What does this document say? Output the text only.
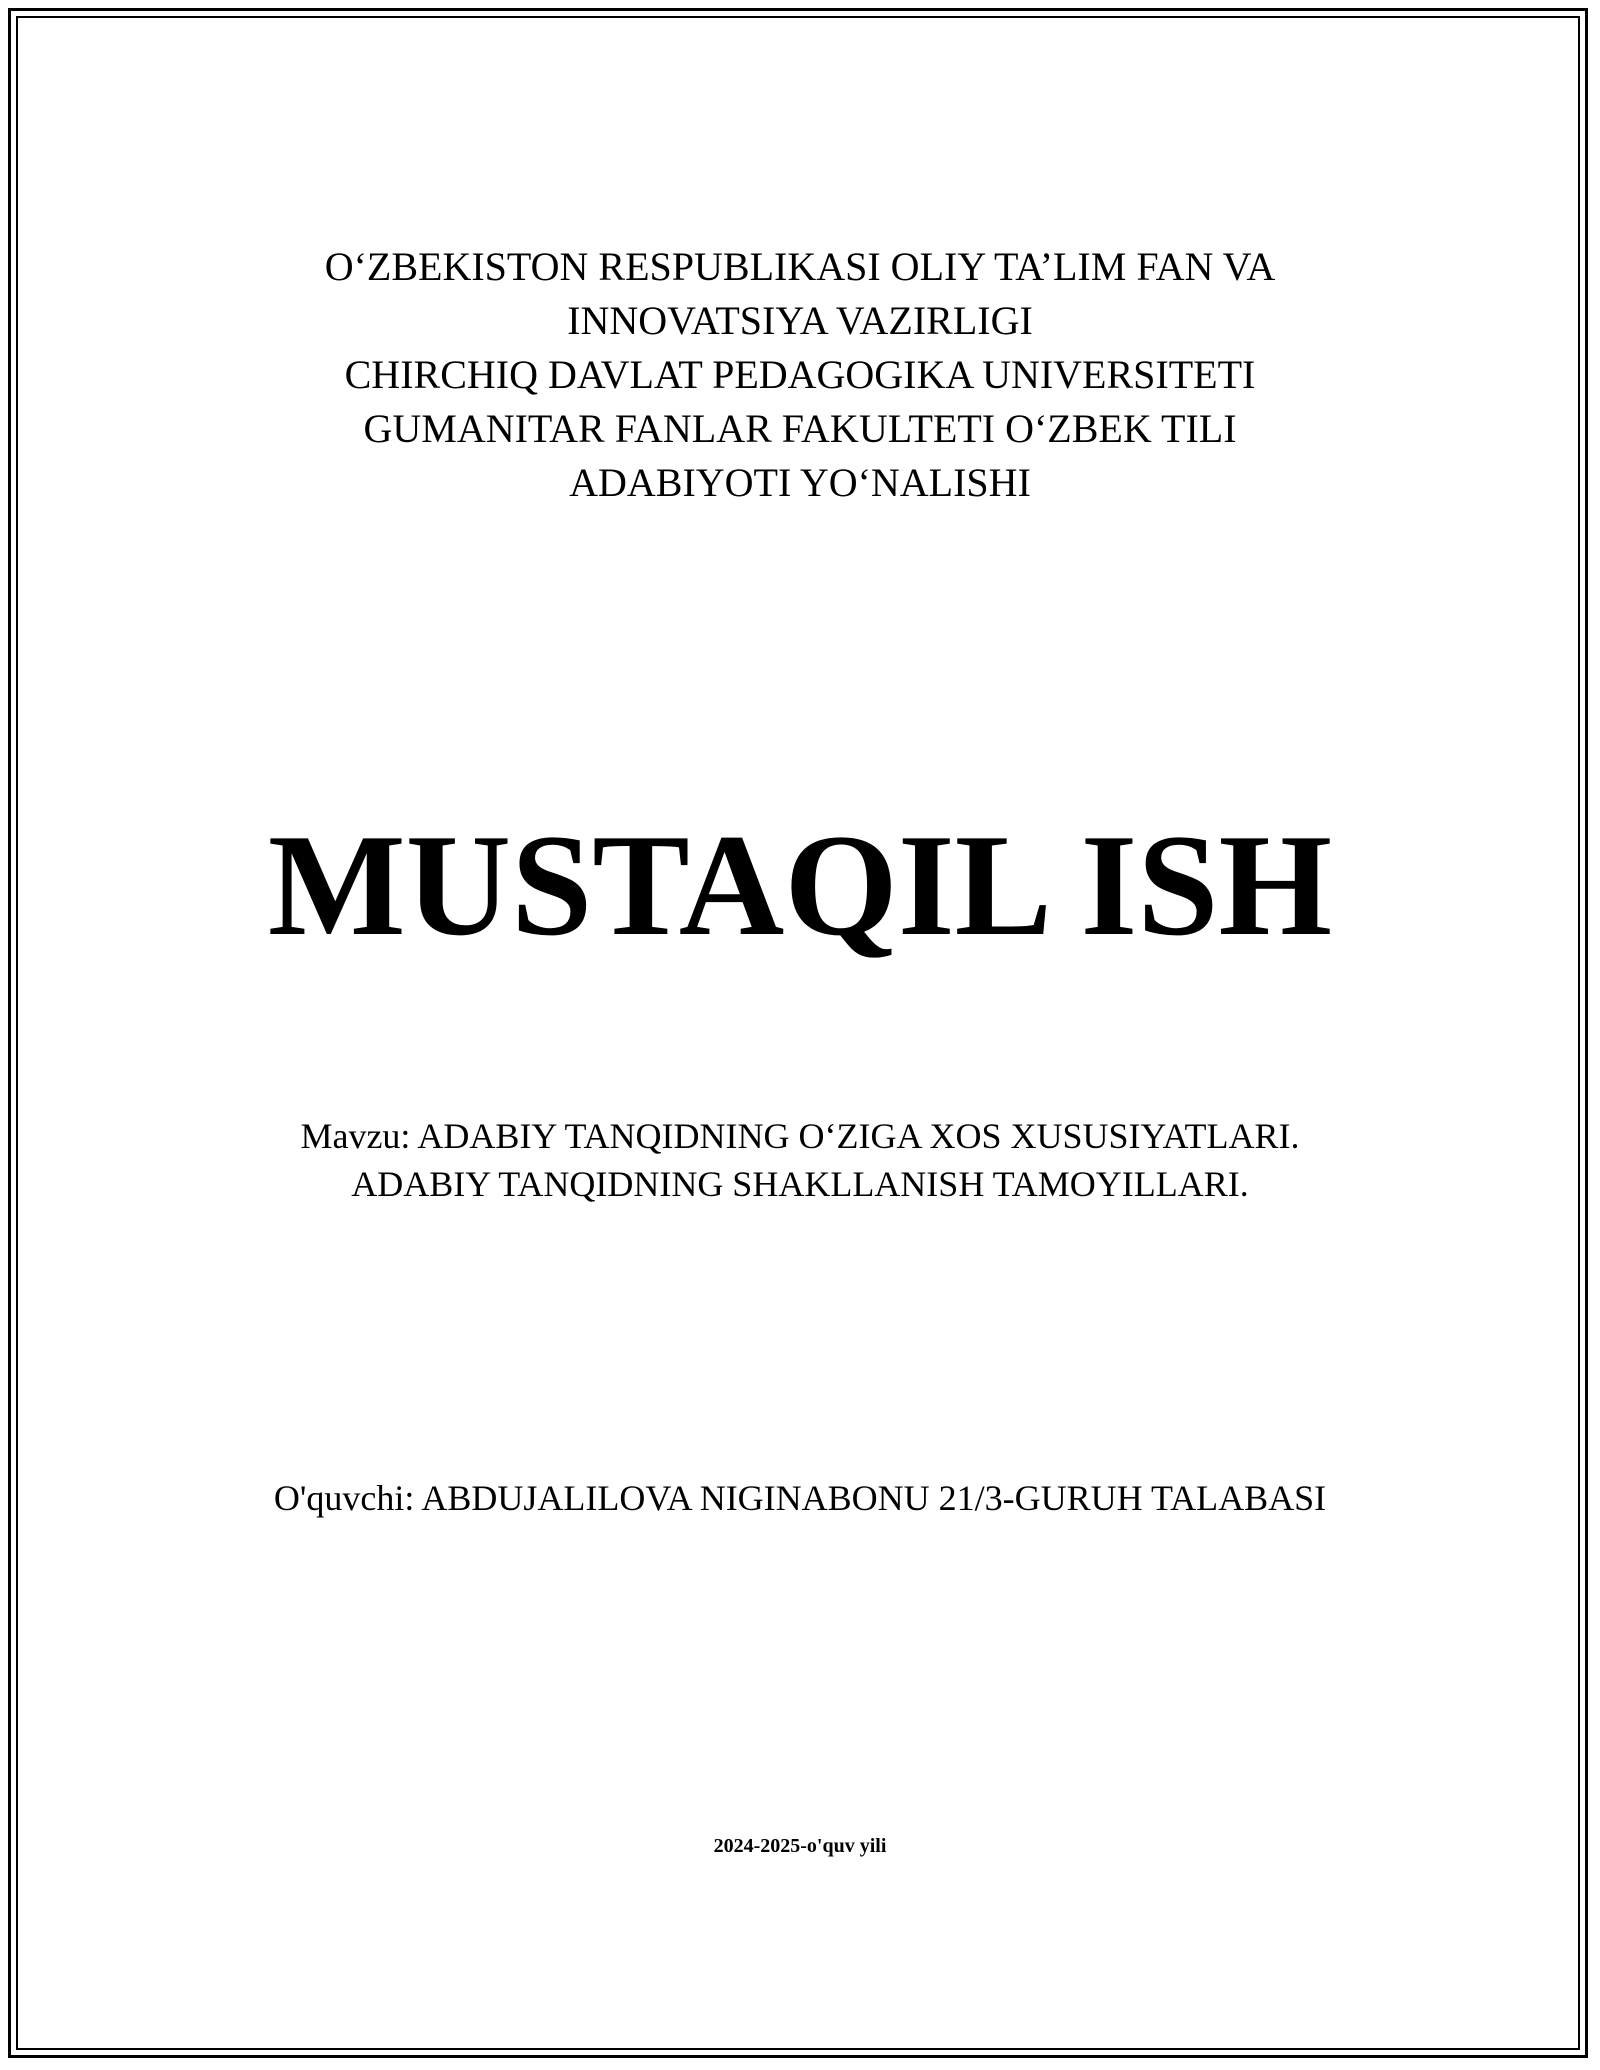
O‘ZBEKISTON RESPUBLIKASI OLIY TA’LIM FAN VA
INNOVATSIYA VAZIRLIGI
CHIRCHIQ DAVLAT PEDAGOGIKA UNIVERSITETI
GUMANITAR FANLAR FAKULTETI O‘ZBEK TILI
ADABIYOTI YO‘NALISHI
MUSTAQIL ISH
Mavzu: ADABIY TANQIDNING O‘ZIGA XOS XUSUSIYATLARI.
ADABIY TANQIDNING SHAKLLANISH TAMOYILLARI.
O'quvchi: ABDUJALILOVA NIGINABONU 21/3-GURUH TALABASI
2024-2025-o'quv yili
